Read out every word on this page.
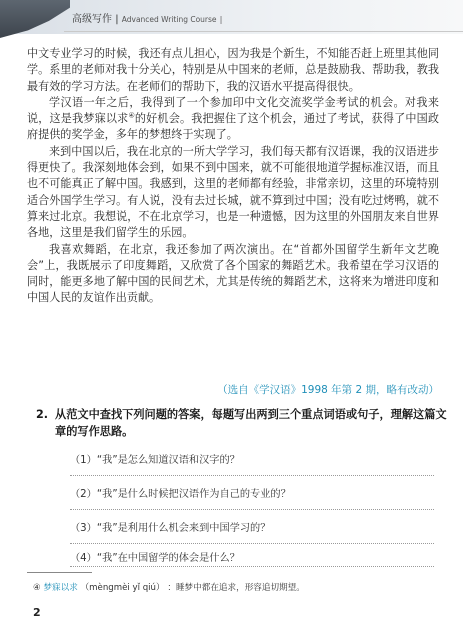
高级写作 | Advanced Writing Course |

中文专业学习的时候，我还有点儿担心，因为我是个新生，不知能否赶上班里其他同学。系里的老师对我十分关心，特别是从中国来的老师，总是鼓励我、帮助我，教我最有效的学习方法。在老师们的帮助下，我的汉语水平提高得很快。

学汉语一年之后，我得到了一个参加印中文化交流奖学金考试的机会。对我来说，这是我梦寐以求④的好机会。我把握住了这个机会，通过了考试，获得了中国政府提供的奖学金，多年的梦想终于实现了。

来到中国以后，我在北京的一所大学学习，我们每天都有汉语课，我的汉语进步得更快了。我深刻地体会到，如果不到中国来，就不可能很地道学握标准汉语，而且也不可能真正了解中国。我感到，这里的老师都有经验，非常亲切，这里的环境特别适合外国学生学习。有人说，没有去过长城，就不算到过中国；没有吃过烤鸭，就不算来过北京。我想说，不在北京学习，也是一种遗憾，因为这里的外国朋友来自世界各地，这里是我们留学生的乐园。

我喜欢舞蹈，在北京，我还参加了两次演出。在“首都外国留学生新年文艺晚会”上，我既展示了印度舞蹈，又欣赏了各个国家的舞蹈艺术。我希望在学习汉语的同时，能更多地了解中国的民间艺术，尤其是传统的舞蹈艺术，这将来为增进印度和中国人民的友谊作出贡献。

（选自《学汉语》1998 年第 2 期，略有改动）
2. 从范文中查找下列问题的答案，每题写出两到三个重点词语或句子，理解这篇文章的写作思路。
（1）“我”是怎么知道汉语和汉字的？
（2）“我”是什么时候把汉语作为自己的专业的？
（3）“我”是利用什么机会来到中国学习的？
（4）“我”在中国留学的体会是什么？
④ 梦寐以求 （mèngmèi yǐ qiú） ：睡梦中都在追求，形容追切期望。
2
